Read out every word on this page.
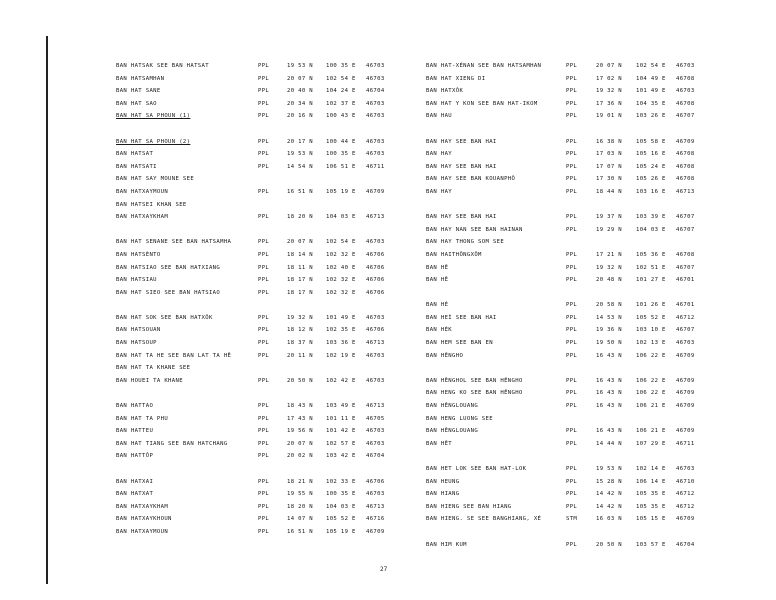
BAN HATSAK SEE BAN HATSAT	PPL	19 53 N 100 35 E 46703
BAN HATSAMHAN	PPL	20 07 N 102 54 E 46703
BAN HAT SANE	PPL	20 40 N 104 24 E 46704
BAN HAT SAO	PPL	20 34 N 102 37 E 46703
BAN HAT SA PHOUN (1)	PPL	20 16 N 100 43 E 46703
BAN HAT SA PHOUN (2)	PPL	20 17 N 100 44 E 46703
BAN HATSAT	PPL	19 53 N 100 35 E 46703
BAN HATSATI	PPL	14 54 N 106 51 E 46711
BAN HAT SAY MOUNE SEE
BAN HATXAYMOUN	PPL	16 51 N 105 19 E 46709
BAN HATSEI KHAN SEE
BAN HATXAYKHAM	PPL	18 20 N 104 03 E 46713
BAN HAT SENANE SEE BAN HATSAMHA	PPL	20 07 N 102 54 E 46703
BAN HATSÈNTO	PPL	18 14 N 102 32 E 46706
BAN HATSIAO SEE BAN HATXIANG	PPL	18 11 N 102 40 E 46706
BAN HATSIAU	PPL	18 17 N 102 32 E 46706
BAN HAT SIEO SEE BAN HATSIAO	PPL	18 17 N 102 32 E 46706
BAN HAT SOK SEE BAN HATXÔK	PPL	19 32 N 101 49 E 46703
BAN HATSOUAN	PPL	18 12 N 102 35 E 46706
BAN HATSOUP	PPL	18 37 N 103 36 E 46713
BAN HAT TA HE SEE BAN LAT TA HÊ	PPL	20 11 N 102 19 E 46703
BAN HAT TA KHANE SEE
BAN HOUEI TA KHANE	PPL	20 50 N 102 42 E 46703
BAN HATTAO	PPL	18 43 N 103 49 E 46713
BAN HAT TA PHU	PPL	17 43 N 101 11 E 46705
BAN HATTEU	PPL	19 56 N 101 42 E 46703
BAN HAT TIANG SEE BAN HATCHANG	PPL	20 07 N 102 57 E 46703
BAN HATTÔP	PPL	20 02 N 103 42 E 46704
BAN HATXAI	PPL	18 21 N 102 33 E 46706
BAN HATXAT	PPL	19 55 N 100 35 E 46703
BAN HATXAYKHAM	PPL	18 20 N 104 03 E 46713
BAN HATXAYKHOUN	PPL	14 07 N 105 52 E 46716
BAN HATXAYMOUN	PPL	16 51 N 105 19 E 46709
BAN HAT-XÉNAN SEE BAN HATSAMHAN	PPL	20 07 N 102 54 E 46703
BAN HAT XIENG DI	PPL	17 02 N 104 49 E 46708
BAN HATXÔK	PPL	19 32 N 101 49 E 46703
BAN HAT Y KON SEE BAN HAT-IKOM	PPL	17 36 N 104 35 E 46708
BAN HAU	PPL	19 01 N 103 26 E 46707
BAN HAY SEE BAN HAI	PPL	16 38 N 105 58 E 46709
BAN HAY	PPL	17 03 N 105 16 E 46708
BAN HAY SEE BAN HAI	PPL	17 07 N 105 24 E 46708
BAN HAY SEE BAN KOUANPHÔ	PPL	17 30 N 105 26 E 46708
BAN HAY	PPL	18 44 N 103 16 E 46713
BAN HAY SEE BAN HAI	PPL	19 37 N 103 39 E 46707
BAN HAY NAN SEE BAN HAINAN	PPL	19 29 N 104 03 E 46707
BAN HAY THONG SOM SEE
BAN HAITHÔNGXÔM	PPL	17 21 N 105 36 E 46708
BAN HÊ	PPL	19 32 N 102 51 E 46707
BAN HÊ	PPL	20 48 N 101 27 E 46701
BAN HÉ	PPL	20 58 N 101 26 E 46701
BAN HEÌ SEE BAN HAI	PPL	14 53 N 105 52 E 46712
BAN HÉK	PPL	19 36 N 103 10 E 46707
BAN HEM SEE BAN EN	PPL	19 50 N 102 13 E 46703
BAN HÊNGHO	PPL	16 43 N 106 22 E 46709
BAN HÊNGHOL SEE BAN HÊNGHO	PPL	16 43 N 106 22 E 46709
BAN HENG KO SEE BAN HÊNGHO	PPL	16 43 N 106 22 E 46709
BAN HÊNGLOUANG	PPL	16 43 N 106 21 E 46709
BAN HENG LUONG SEE
BAN HÊNGLOUANG	PPL	16 43 N 106 21 E 46709
BAN HÊT	PPL	14 44 N 107 29 E 46711
BAN HET LOK SEE BAN HAT-LOK	PPL	19 53 N 102 14 E 46703
BAN HEUNG	PPL	15 28 N 106 14 E 46710
BAN HIANG	PPL	14 42 N 105 35 E 46712
BAN HIENG SEE BAN HIANG	PPL	14 42 N 105 35 E 46712
BAN HIENG. SE SEE BANGHIANG, XÉ	STM	16 03 N 105 15 E 46709
BAN HIM KUM	PPL	20 50 N 103 57 E 46704
27
